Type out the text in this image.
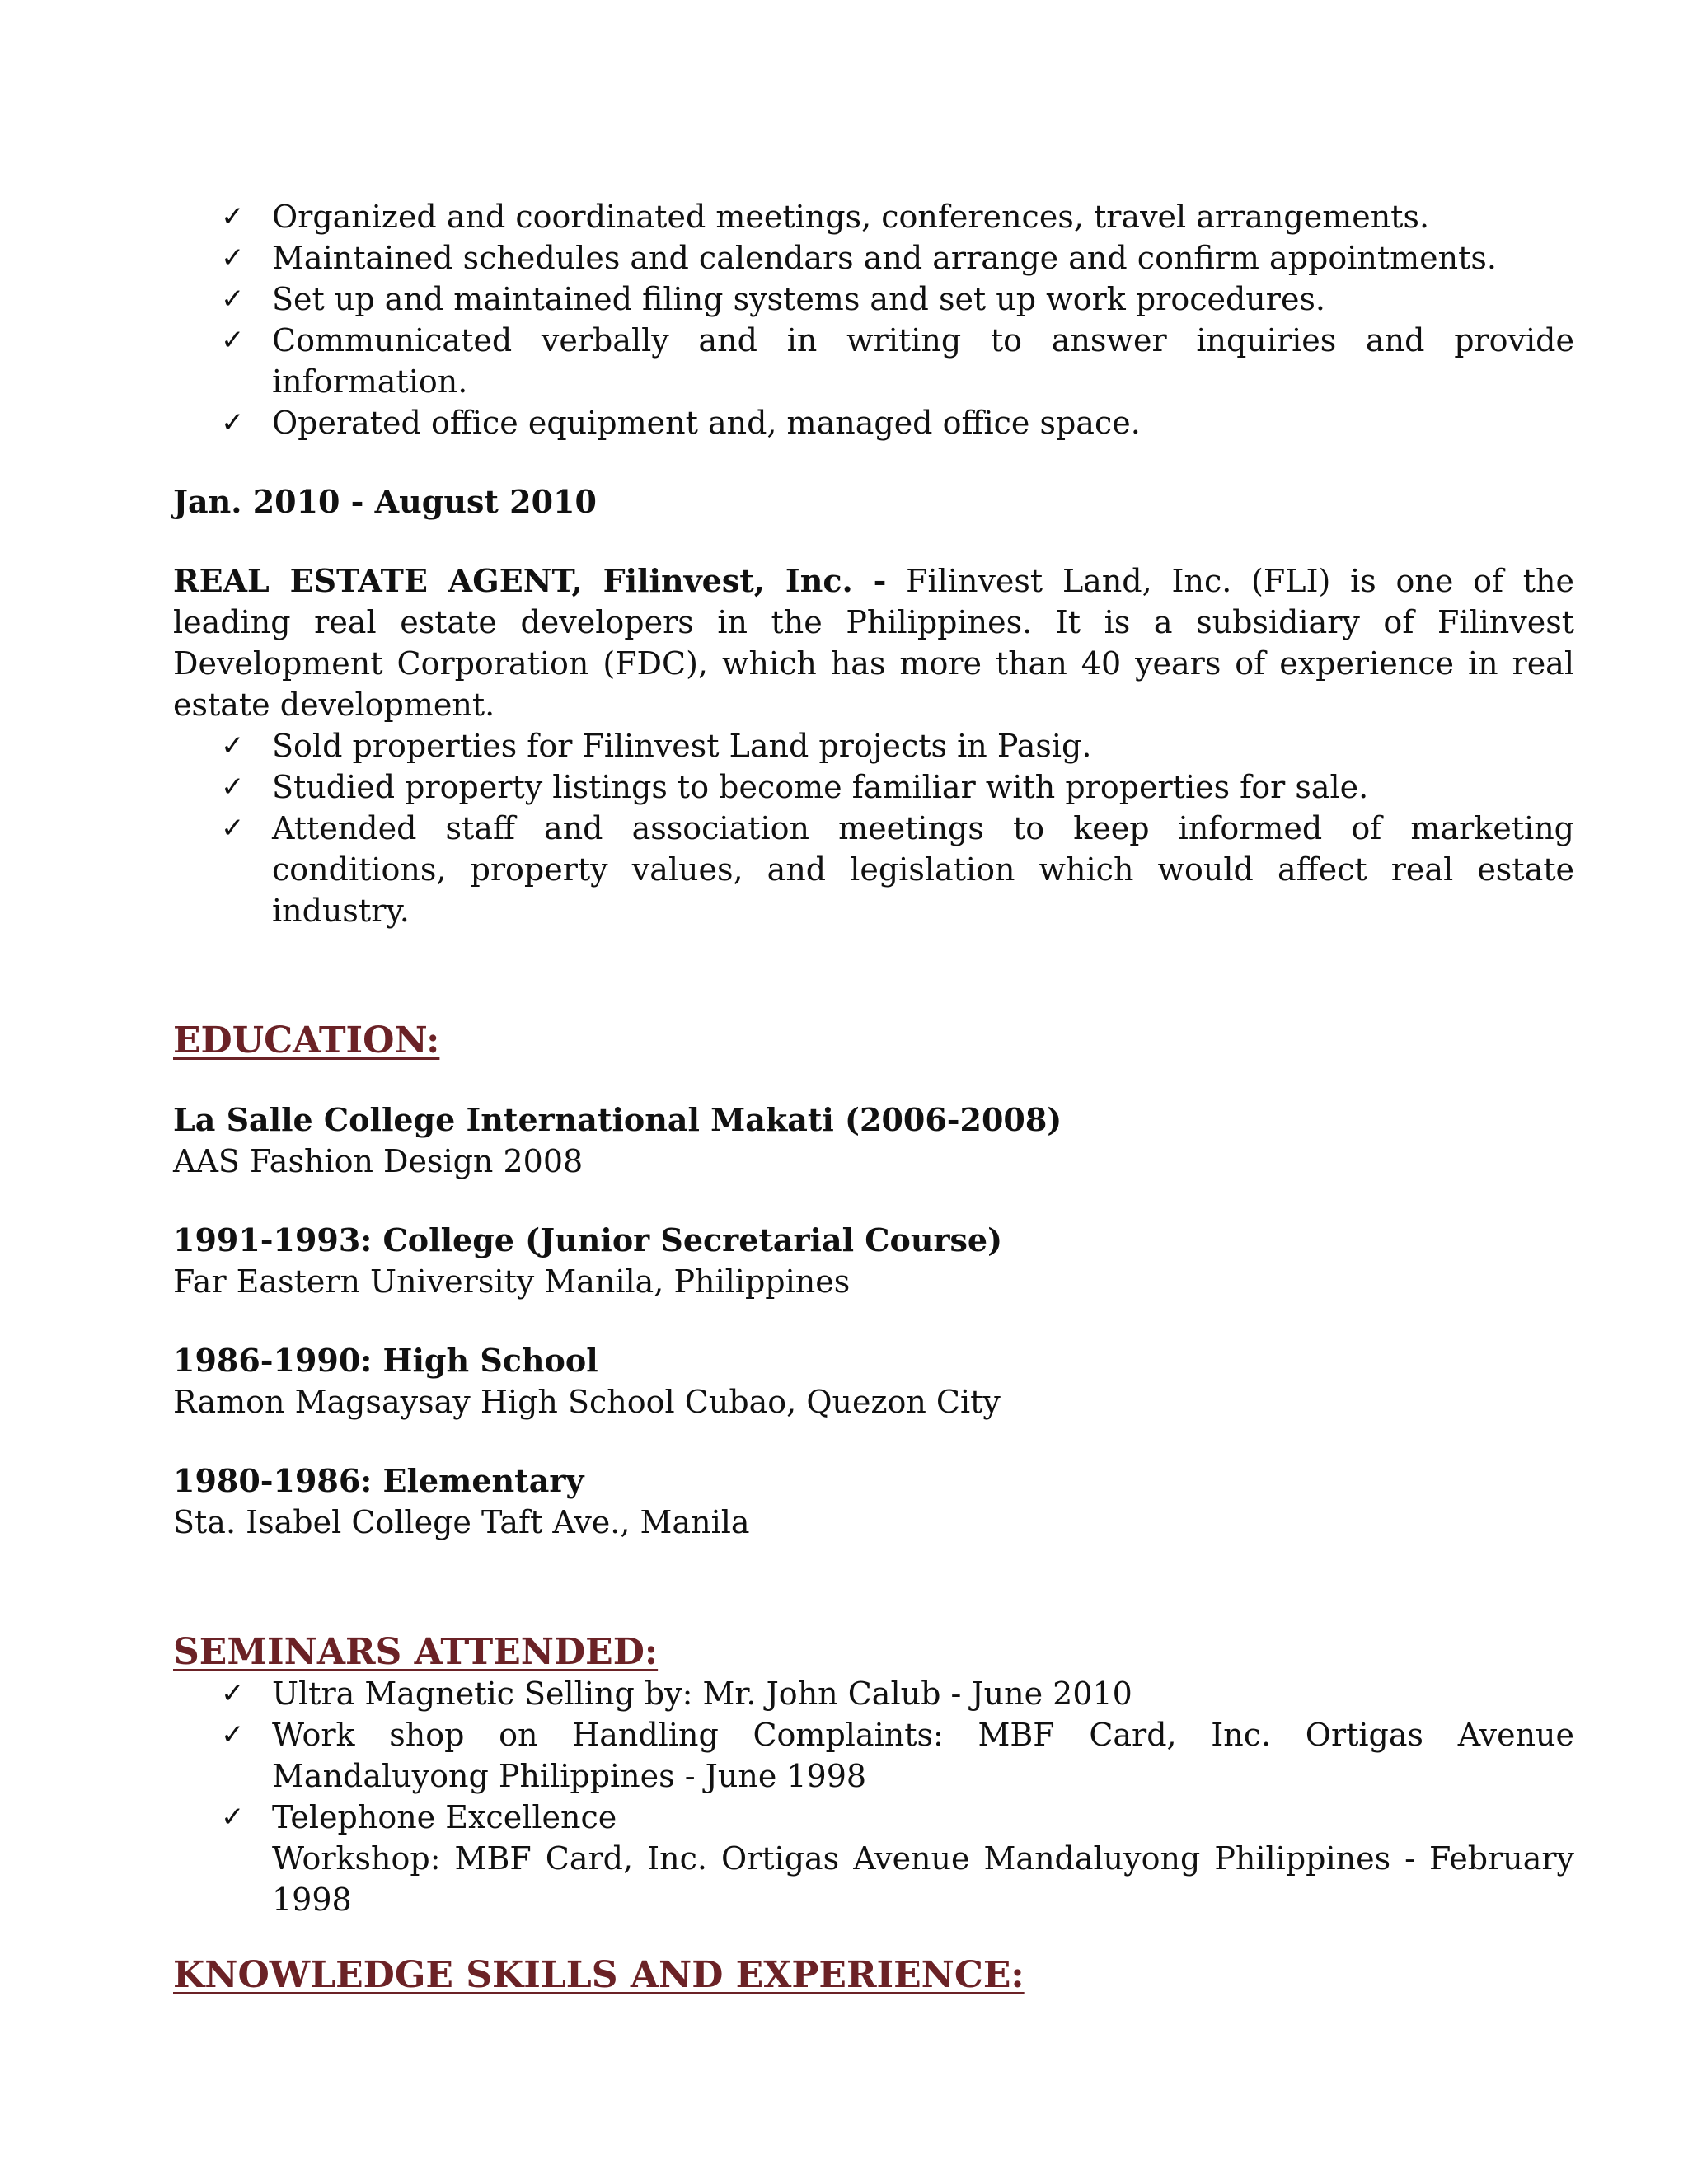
✓ Organized and coordinated meetings, conferences, travel arrangements.
✓ Maintained schedules and calendars and arrange and confirm appointments.
✓ Set up and maintained filing systems and set up work procedures.
✓ Communicated verbally and in writing to answer inquiries and provide information.
✓ Operated office equipment and, managed office space.
Jan. 2010 - August 2010
REAL ESTATE AGENT, Filinvest, Inc. - Filinvest Land, Inc. (FLI) is one of the leading real estate developers in the Philippines. It is a subsidiary of Filinvest Development Corporation (FDC), which has more than 40 years of experience in real estate development.
✓ Sold properties for Filinvest Land projects in Pasig.
✓ Studied property listings to become familiar with properties for sale.
✓ Attended staff and association meetings to keep informed of marketing conditions, property values, and legislation which would affect real estate industry.
EDUCATION:
La Salle College International Makati (2006-2008)
AAS Fashion Design 2008
1991-1993: College (Junior Secretarial Course)
Far Eastern University Manila, Philippines
1986-1990: High School
Ramon Magsaysay High School Cubao, Quezon City
1980-1986: Elementary
Sta. Isabel College Taft Ave., Manila
SEMINARS ATTENDED:
✓ Ultra Magnetic Selling by: Mr. John Calub - June 2010
✓ Work shop on Handling Complaints: MBF Card, Inc. Ortigas Avenue Mandaluyong Philippines - June 1998
✓ Telephone Excellence
Workshop: MBF Card, Inc. Ortigas Avenue Mandaluyong Philippines - February 1998
KNOWLEDGE SKILLS AND EXPERIENCE:
